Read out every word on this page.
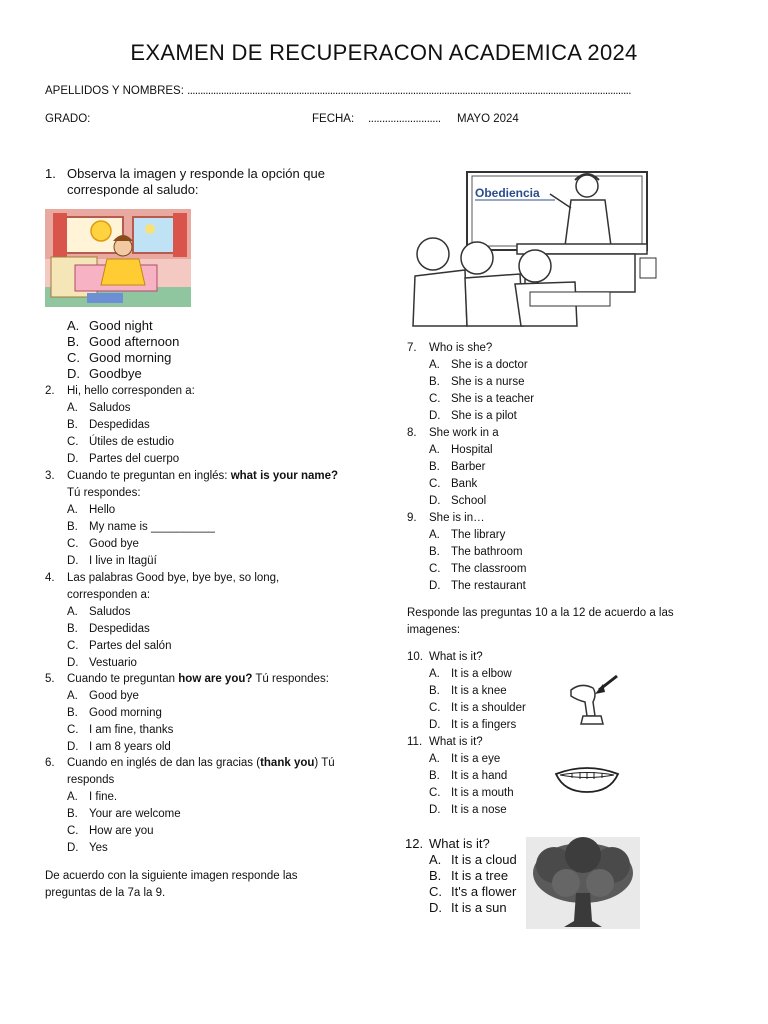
EXAMEN DE RECUPERACON ACADEMICA 2024
APELLIDOS Y NOMBRES: ...........................................................................................................................................................................
GRADO:	FECHA: .......................... MAYO 2024
1. Observa la imagen y responde la opción que corresponde al saludo:
A. Good night
B. Good afternoon
C. Good morning
D. Goodbye
2. Hi, hello corresponden a:
A. Saludos
B. Despedidas
C. Útiles de estudio
D. Partes del cuerpo
3. Cuando te preguntan en inglés: what is your name?
Tú respondes:
A. Hello
B. My name is __________
C. Good bye
D. I live in Itagüí
4. Las palabras Good bye, bye bye, so long, corresponden a:
A. Saludos
B. Despedidas
C. Partes del salón
D. Vestuario
5. Cuando te preguntan how are you? Tú respondes:
A. Good bye
B. Good morning
C. I am fine, thanks
D. I am 8 years old
6. Cuando en inglés de dan las gracias (thank you) Tú responds
A. I fine.
B. Your are welcome
C. How are you
D. Yes
De acuerdo con la siguiente imagen responde las preguntas de la 7a la 9.
Obediencia
7. Who is she?
A. She is a doctor
B. She is a nurse
C. She is a teacher
D. She is a pilot
8. She work in a
A. Hospital
B. Barber
C. Bank
D. School
9. She is in…
A. The library
B. The bathroom
C. The classroom
D. The restaurant
Responde las preguntas 10 a la 12 de acuerdo a las imagenes:
10. What is it?
A. It is a elbow
B. It is a knee
C. It is a shoulder
D. It is a fingers
11. What is it?
A. It is a eye
B. It is a hand
C. It is a mouth
D. It is a nose
12. What is it?
A. It is a cloud
B. It is a tree
C. It's a flower
D. It is a sun
